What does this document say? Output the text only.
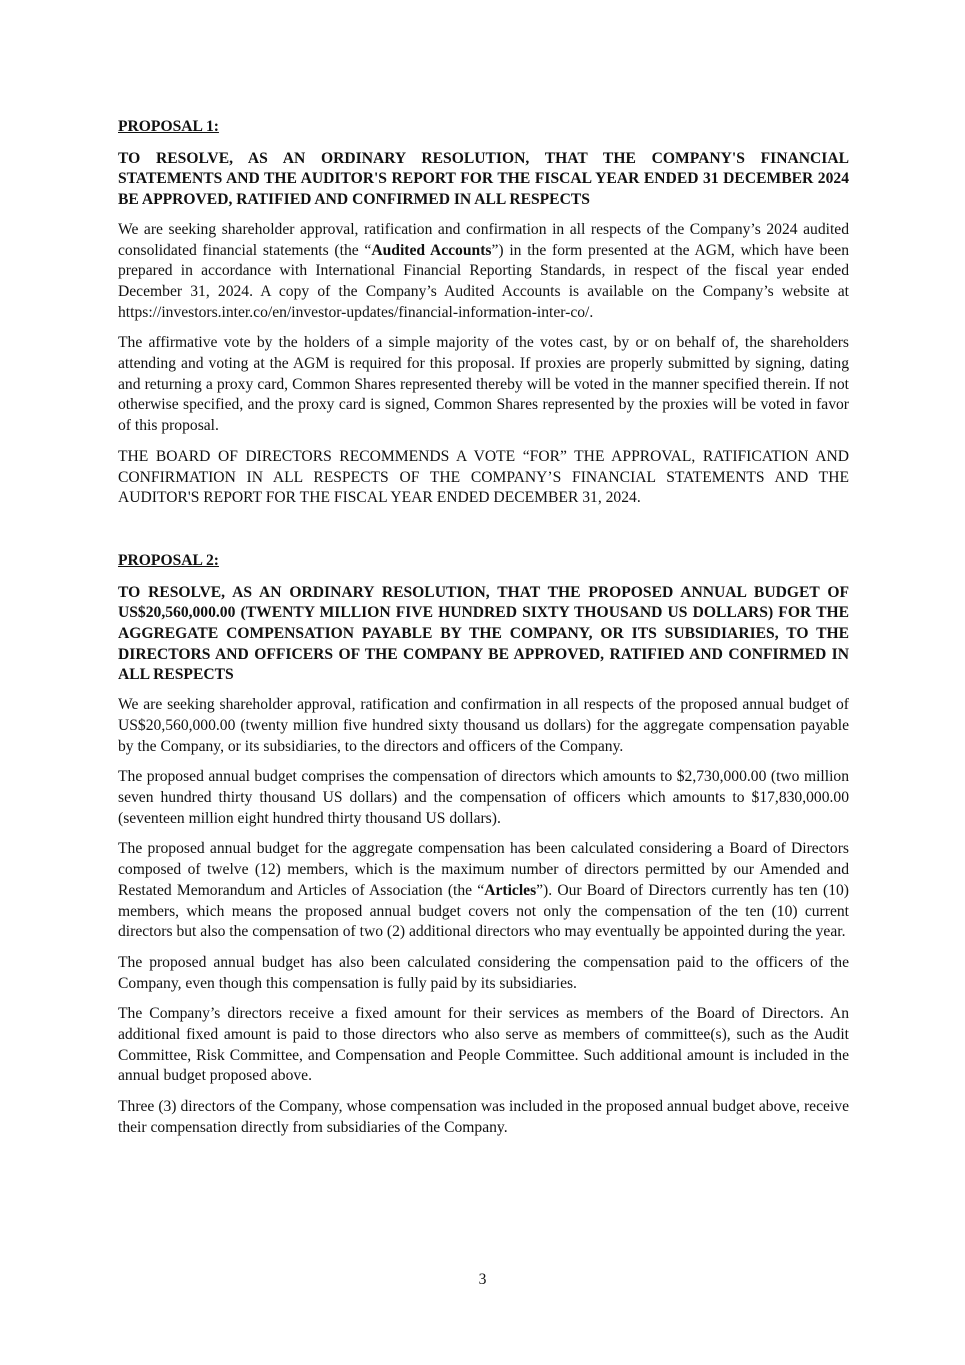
PROPOSAL 1:
TO RESOLVE, AS AN ORDINARY RESOLUTION, THAT THE COMPANY'S FINANCIAL STATEMENTS AND THE AUDITOR'S REPORT FOR THE FISCAL YEAR ENDED 31 DECEMBER 2024 BE APPROVED, RATIFIED AND CONFIRMED IN ALL RESPECTS

We are seeking shareholder approval, ratification and confirmation in all respects of the Company’s 2024 audited consolidated financial statements (the “Audited Accounts”) in the form presented at the AGM, which have been prepared in accordance with International Financial Reporting Standards, in respect of the fiscal year ended December 31, 2024. A copy of the Company’s Audited Accounts is available on the Company’s website at https://investors.inter.co/en/investor-updates/financial-information-inter-co/.

The affirmative vote by the holders of a simple majority of the votes cast, by or on behalf of, the shareholders attending and voting at the AGM is required for this proposal. If proxies are properly submitted by signing, dating and returning a proxy card, Common Shares represented thereby will be voted in the manner specified therein. If not otherwise specified, and the proxy card is signed, Common Shares represented by the proxies will be voted in favor of this proposal.

THE BOARD OF DIRECTORS RECOMMENDS A VOTE “FOR” THE APPROVAL, RATIFICATION AND CONFIRMATION IN ALL RESPECTS OF THE COMPANY’S FINANCIAL STATEMENTS AND THE AUDITOR'S REPORT FOR THE FISCAL YEAR ENDED DECEMBER 31, 2024.

PROPOSAL 2:
TO RESOLVE, AS AN ORDINARY RESOLUTION, THAT THE PROPOSED ANNUAL BUDGET OF US$20,560,000.00 (TWENTY MILLION FIVE HUNDRED SIXTY THOUSAND US DOLLARS) FOR THE AGGREGATE COMPENSATION PAYABLE BY THE COMPANY, OR ITS SUBSIDIARIES, TO THE DIRECTORS AND OFFICERS OF THE COMPANY BE APPROVED, RATIFIED AND CONFIRMED IN ALL RESPECTS

We are seeking shareholder approval, ratification and confirmation in all respects of the proposed annual budget of US$20,560,000.00 (twenty million five hundred sixty thousand us dollars) for the aggregate compensation payable by the Company, or its subsidiaries, to the directors and officers of the Company.

The proposed annual budget comprises the compensation of directors which amounts to $2,730,000.00 (two million seven hundred thirty thousand US dollars) and the compensation of officers which amounts to $17,830,000.00 (seventeen million eight hundred thirty thousand US dollars).

The proposed annual budget for the aggregate compensation has been calculated considering a Board of Directors composed of twelve (12) members, which is the maximum number of directors permitted by our Amended and Restated Memorandum and Articles of Association (the “Articles”). Our Board of Directors currently has ten (10) members, which means the proposed annual budget covers not only the compensation of the ten (10) current directors but also the compensation of two (2) additional directors who may eventually be appointed during the year.

The proposed annual budget has also been calculated considering the compensation paid to the officers of the Company, even though this compensation is fully paid by its subsidiaries.

The Company’s directors receive a fixed amount for their services as members of the Board of Directors. An additional fixed amount is paid to those directors who also serve as members of committee(s), such as the Audit Committee, Risk Committee, and Compensation and People Committee. Such additional amount is included in the annual budget proposed above.

Three (3) directors of the Company, whose compensation was included in the proposed annual budget above, receive their compensation directly from subsidiaries of the Company.

3
